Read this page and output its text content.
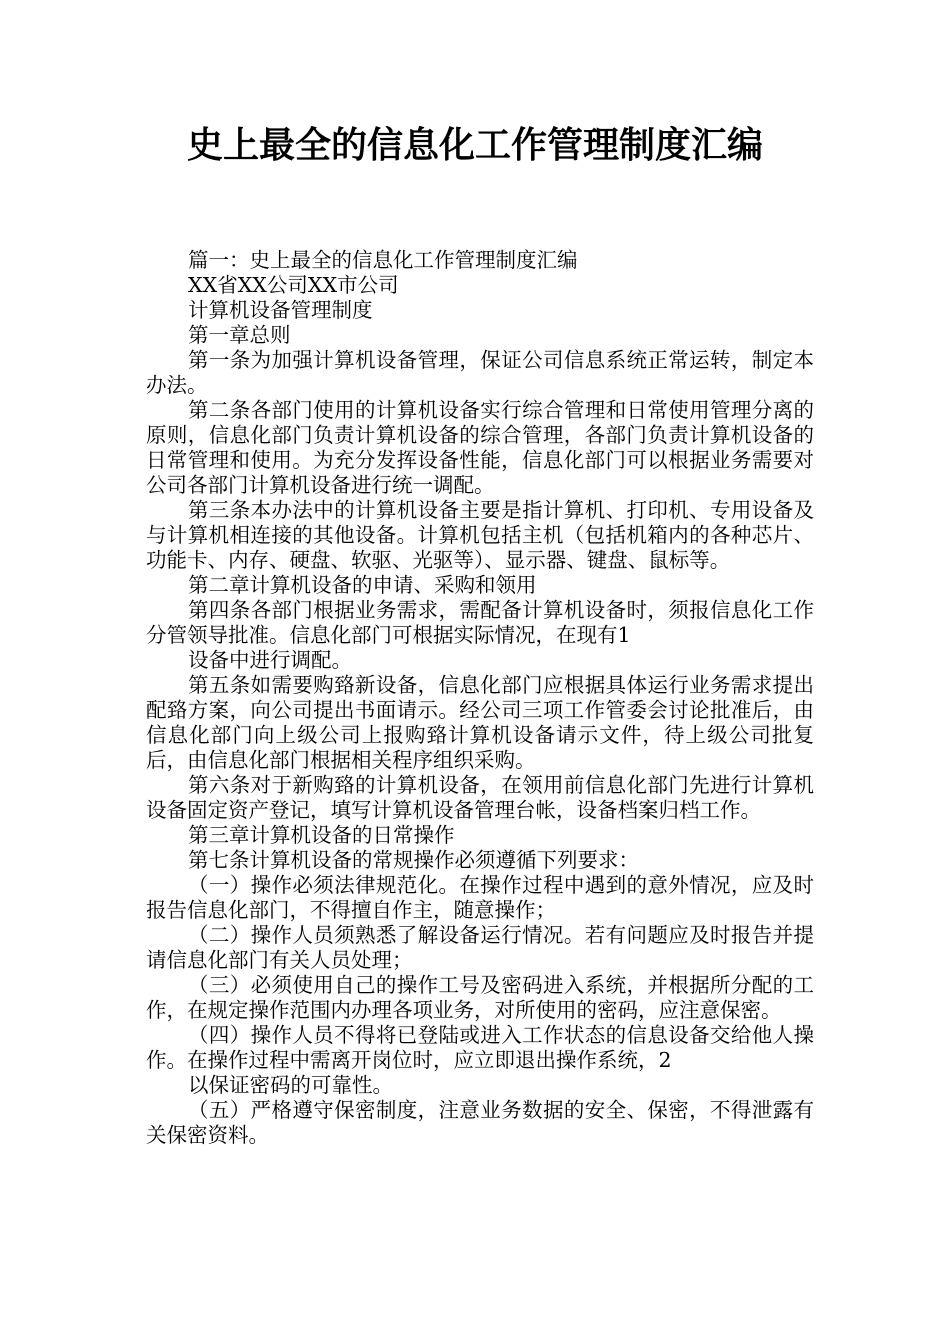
史上最全的信息化工作管理制度汇编

篇一：史上最全的信息化工作管理制度汇编

XX省XX公司XX市公司

计算机设备管理制度

第一章总则

第一条为加强计算机设备管理，保证公司信息系统正常运转，制定本办法。

第二条各部门使用的计算机设备实行综合管理和日常使用管理分离的原则，信息化部门负责计算机设备的综合管理，各部门负责计算机设备的日常管理和使用。为充分发挥设备性能，信息化部门可以根据业务需要对公司各部门计算机设备进行统一调配。

第三条本办法中的计算机设备主要是指计算机、打印机、专用设备及与计算机相连接的其他设备。计算机包括主机（包括机箱内的各种芯片、功能卡、内存、硬盘、软驱、光驱等）、显示器、键盘、鼠标等。

第二章计算机设备的申请、采购和领用

第四条各部门根据业务需求，需配备计算机设备时，须报信息化工作分管领导批准。信息化部门可根据实际情况，在现有1

设备中进行调配。

第五条如需要购臵新设备，信息化部门应根据具体运行业务需求提出配臵方案，向公司提出书面请示。经公司三项工作管委会讨论批准后，由信息化部门向上级公司上报购臵计算机设备请示文件，待上级公司批复后，由信息化部门根据相关程序组织采购。

第六条对于新购臵的计算机设备，在领用前信息化部门先进行计算机设备固定资产登记，填写计算机设备管理台帐，设备档案归档工作。

第三章计算机设备的日常操作

第七条计算机设备的常规操作必须遵循下列要求：

（一）操作必须法律规范化。在操作过程中遇到的意外情况，应及时报告信息化部门，不得擅自作主，随意操作；

（二）操作人员须熟悉了解设备运行情况。若有问题应及时报告并提请信息化部门有关人员处理；

（三）必须使用自己的操作工号及密码进入系统，并根据所分配的工作，在规定操作范围内办理各项业务，对所使用的密码，应注意保密。

（四）操作人员不得将已登陆或进入工作状态的信息设备交给他人操作。在操作过程中需离开岗位时，应立即退出操作系统，2

以保证密码的可靠性。

（五）严格遵守保密制度，注意业务数据的安全、保密，不得泄露有关保密资料。
